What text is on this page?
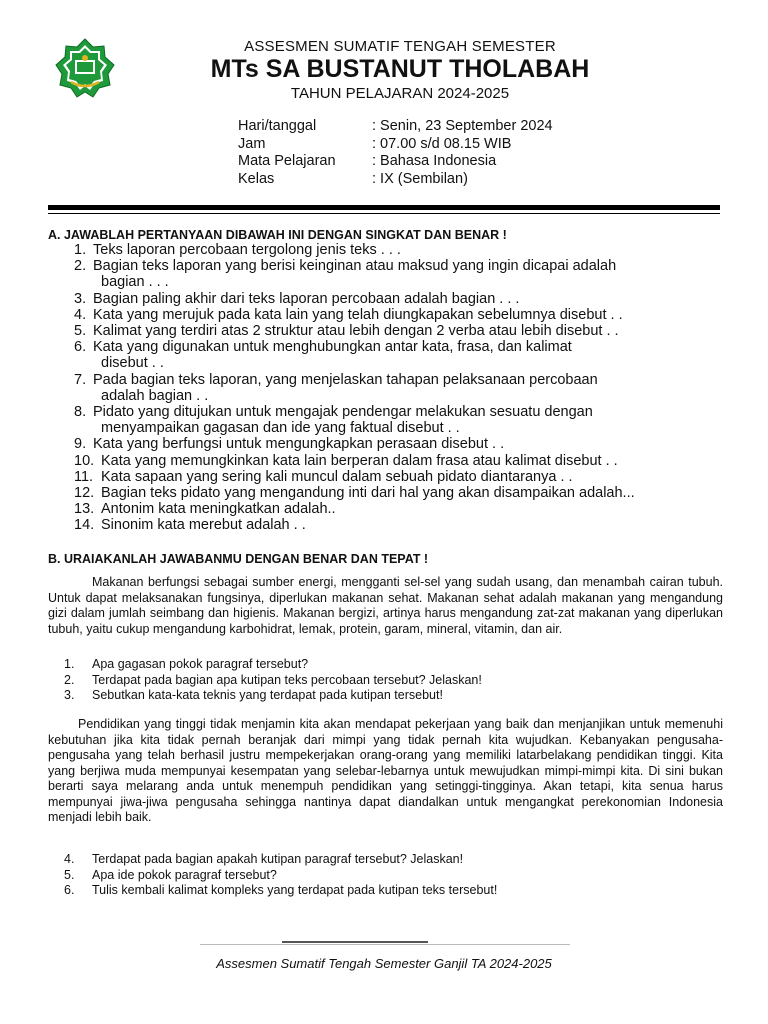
ASSESMEN SUMATIF TENGAH SEMESTER
MTs SA BUSTANUT THOLABAH
TAHUN PELAJARAN 2024-2025
Hari/tanggal	: Senin, 23 September 2024
Jam	: 07.00 s/d 08.15 WIB
Mata Pelajaran	: Bahasa Indonesia
Kelas	: IX (Sembilan)
A. JAWABLAH PERTANYAAN DIBAWAH INI DENGAN SINGKAT DAN BENAR !
1. Teks laporan percobaan tergolong jenis teks . . .
2. Bagian teks laporan yang berisi keinginan atau maksud yang ingin dicapai adalah
bagian . . .
3. Bagian paling akhir dari teks laporan percobaan adalah bagian . . .
4. Kata yang merujuk pada kata lain yang telah diungkapakan sebelumnya disebut . .
5. Kalimat yang terdiri atas 2 struktur atau lebih dengan 2 verba atau lebih disebut . .
6. Kata yang digunakan untuk menghubungkan antar kata, frasa, dan kalimat
disebut . .
7. Pada bagian teks laporan, yang menjelaskan tahapan pelaksanaan percobaan
adalah bagian . .
8. Pidato yang ditujukan untuk mengajak pendengar melakukan sesuatu dengan
menyampaikan gagasan dan ide yang faktual disebut . .
9. Kata yang berfungsi untuk mengungkapkan perasaan disebut . .
10. Kata yang memungkinkan kata lain berperan dalam frasa atau kalimat disebut . .
11. Kata sapaan yang sering kali muncul dalam sebuah pidato diantaranya . .
12. Bagian teks pidato yang mengandung inti dari hal yang akan disampaikan adalah...
13. Antonim kata meningkatkan adalah..
14. Sinonim kata merebut adalah . .
B. URAIAKANLAH JAWABANMU DENGAN BENAR DAN TEPAT !
Makanan berfungsi sebagai sumber energi, mengganti sel-sel yang sudah usang, dan menambah cairan tubuh. Untuk dapat melaksanakan fungsinya, diperlukan makanan sehat. Makanan sehat adalah makanan yang mengandung gizi dalam jumlah seimbang dan higienis. Makanan bergizi, artinya harus mengandung zat-zat makanan yang diperlukan tubuh, yaitu cukup mengandung karbohidrat, lemak, protein, garam, mineral, vitamin, dan air.
1.	Apa gagasan pokok paragraf tersebut?
2.	Terdapat pada bagian apa kutipan teks percobaan tersebut? Jelaskan!
3.	Sebutkan kata-kata teknis yang terdapat pada kutipan tersebut!
Pendidikan yang tinggi tidak menjamin kita akan mendapat pekerjaan yang baik dan menjanjikan untuk memenuhi kebutuhan jika kita tidak pernah beranjak dari mimpi yang tidak pernah kita wujudkan. Kebanyakan pengusaha-pengusaha yang telah berhasil justru mempekerjakan orang-orang yang memiliki latarbelakang pendidikan tinggi. Kita yang berjiwa muda mempunyai kesempatan yang selebar-lebarnya untuk mewujudkan mimpi-mimpi kita. Di sini bukan berarti saya melarang anda untuk menempuh pendidikan yang setinggi-tingginya. Akan tetapi, kita senua harus mempunyai jiwa-jiwa pengusaha sehingga nantinya dapat diandalkan untuk mengangkat perekonomian Indonesia menjadi lebih baik.
4.	Terdapat pada bagian apakah kutipan paragraf tersebut? Jelaskan!
5.	Apa ide pokok paragraf tersebut?
6.	Tulis kembali kalimat kompleks yang terdapat pada kutipan teks tersebut!
Assesmen Sumatif Tengah Semester Ganjil TA 2024-2025
